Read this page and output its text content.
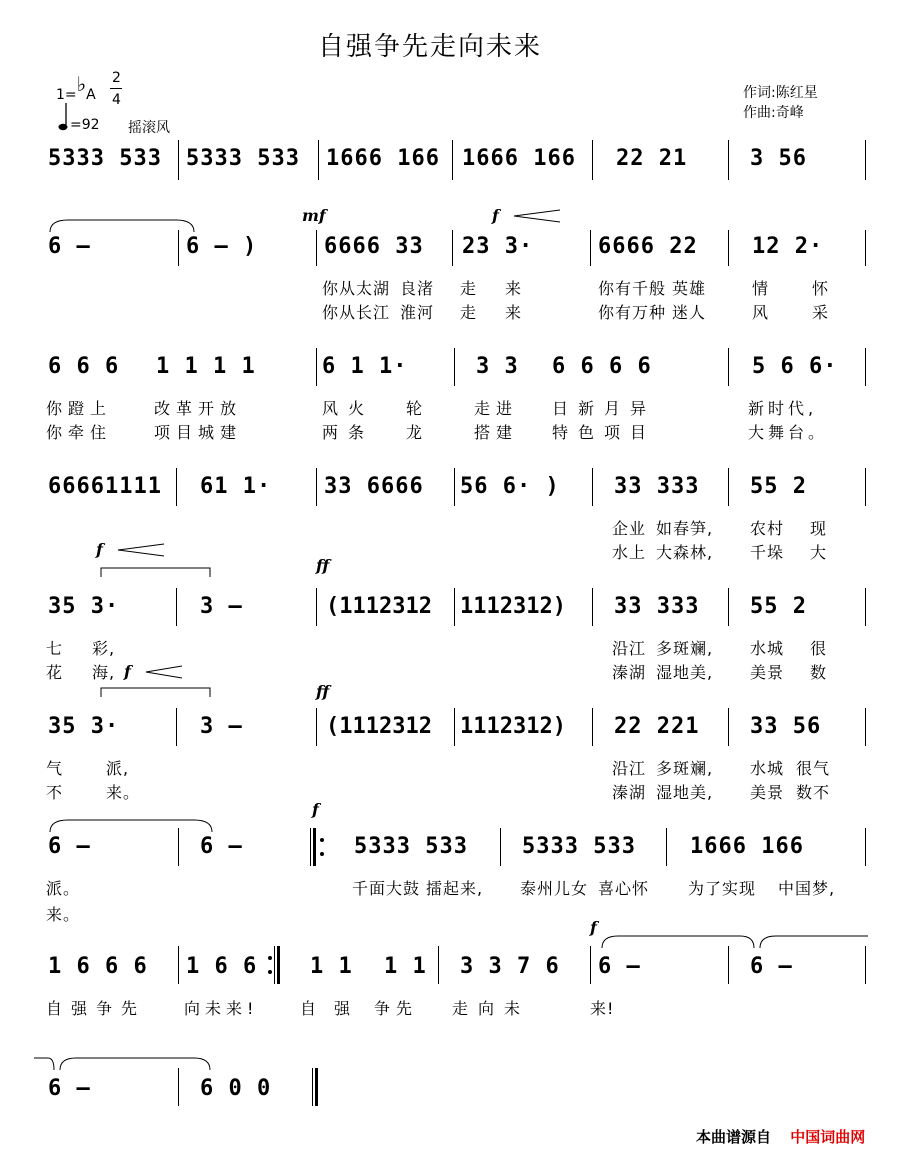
自强争先走向未来
1=♭A
2
4
=92 摇滚风
作词:陈红星
作曲:奇峰
5333 533 5333 533 1666 166 1666 166 22 21	3 56
mf	f
6 –	6 – )	6666 33 23 3·	6666 22 12 2·
你从太湖 良渚 走 来	你有千般 英雄	情	怀
你从长江 淮河 走 来	你有万种 迷人	风	采
6 6 6 1 1 1 1	6 1 1·	3 3 6 6 6 6	5 6 6·
你蹬上	改革开放	风火 轮	走进 日新月异	新时代,
你牵住	项目城建	两条 龙	搭建 特色项目	大舞台。
66661111 61 1· 33 6666 56 6· ) 33 333 55 2
企业 如春笋, 农村 现
水上 大森林, 千垛 大
f
ff
35 3·	3 –	(1112312 1112312) 33 333 55 2
七 彩,	沿江 多斑斓, 水城 很
花 海,	溱湖 湿地美, 美景 数
f
ff
35 3·	3 –	(1112312 1112312) 22 221 33 56
气	派,	沿江 多斑斓, 水城 很气
不	来。	溱湖 湿地美, 美景 数不
f
6 –	6 –	5333 533 5333 533 1666 166
派。	千面大鼓 擂起来, 泰州儿女 喜心怀 为了实现 中国梦,
来。
f
1 6 6 6 1 6 6 1 1 1 1 3 3 7 6 6 –	6 –
自强争先 向未来!	自强 争先 走向未	来!
6 –	6 0 0
本曲谱源自 中国词曲网
